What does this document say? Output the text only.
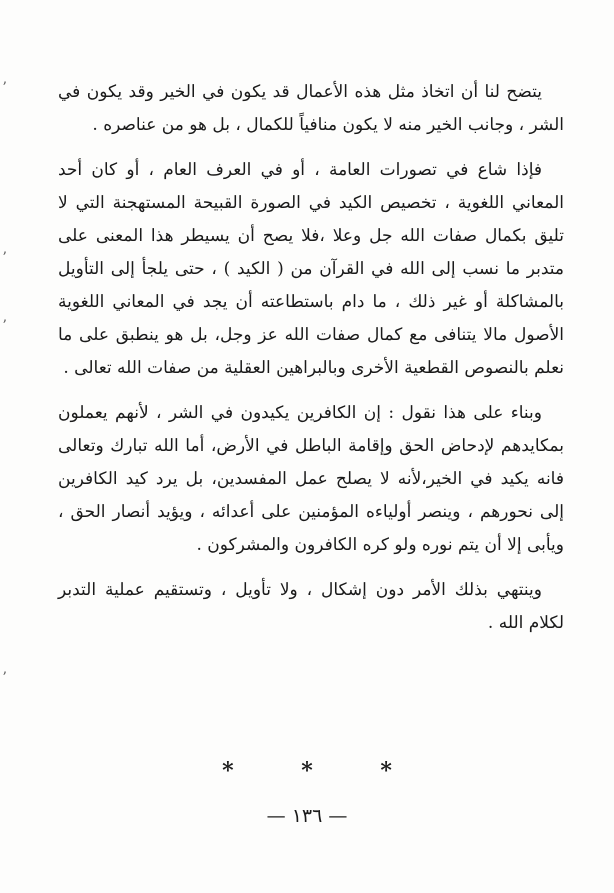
ʼ
ʼ
ʼ
ʼ

يتضح لنا أن اتخاذ مثل هذه الأعمال قد يكون في الخير وقد يكون في الشر ، وجانب الخير منه لا يكون منافياً للكمال ، بل هو من عناصره .

فإذا شاع في تصورات العامة ، أو في العرف العام ، أو كان أحد المعاني اللغوية ، تخصيص الكيد في الصورة القبيحة المستهجنة التي لا تليق بكمال صفات الله جل وعلا ،فلا يصح أن يسيطر هذا المعنى على متدبر ما نسب إلى الله في القرآن من ( الكيد ) ، حتى يلجأ إلى التأويل بالمشاكلة أو غير ذلك ، ما دام باستطاعته أن يجد في المعاني اللغوية الأصول مالا يتنافى مع كمال صفات الله عز وجل، بل هو ينطبق على ما نعلم بالنصوص القطعية الأخرى وبالبراهين العقلية من صفات الله تعالى .

وبناء على هذا نقول : إن الكافرين يكيدون في الشر ، لأنهم يعملون بمكايدهم لإدحاض الحق وإقامة الباطل في الأرض، أما الله تبارك وتعالى فانه يكيد في الخير،لأنه لا يصلح عمل المفسدين، بل يرد كيد الكافرين إلى نحورهم ، وينصر أولياءه المؤمنين على أعدائه ، ويؤيد أنصار الحق ، ويأبى إلا أن يتم نوره ولو كره الكافرون والمشركون .

وينتهي بذلك الأمر دون إشكال ، ولا تأويل ، وتستقيم عملية التدبر لكلام الله .

* * *
— ١٣٦ —
